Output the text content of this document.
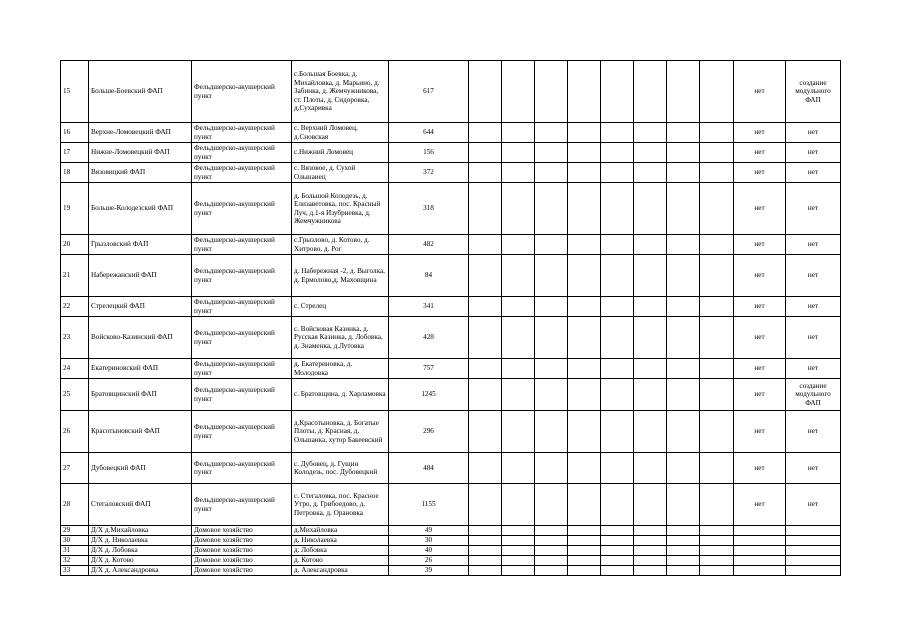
15	Больше-Боевский ФАП	Фельдшерско-акушерский пункт	с.Большая Боевка, д. Михайловка, д. Марьино, д. Забинка, д. Жемчужникова, ст. Плоты, д. Сидоровка, д.Сухаривка	617									нет	создание модульного ФАП
16	Верхне-Ломовецкий ФАП	Фельдшерско-акушерский пункт	с. Верхний Ломовец, д.Сновская	644									нет	нет
17	Нижне-Ломовецкий ФАП	Фельдшерско-акушерский пункт	с.Нижний Ломовец	156									нет	нет
18	Вязовицкий ФАП	Фельдшерско-акушерский пункт	с. Вязовое, д. Сухой Ольшанец	372									нет	нет
19	Больше-Колодезский ФАП	Фельдшерско-акушерский пункт	д. Большой Колодезь, д. Елизаветовка, пос. Красный Луч, д.1-я Изубриевка, д. Жемчужникова	318									нет	нет
20	Грызловский ФАП	Фельдшерско-акушерский пункт	с.Грызлово, д. Котово, д. Хитрово, д. Рог	482									нет	нет
21	Набережанский ФАП	Фельдшерско-акушерский пункт	д. Набережная -2, д. Выголка, д. Ермолово,д. Маховщина	84									нет	нет
22	Стрелецкий ФАП	Фельдшерско-акушерский пункт	с. Стрелец	341									нет	нет
23	Войсково-Казинский ФАП	Фельдшерско-акушерский пункт	с. Войсковая Казинка, д. Русская Казинка, д. Лобовка, д. Знаменка, д.Лутовка	428									нет	нет
24	Екатериновский ФАП	Фельдшерско-акушерский пункт	д. Екатериновка, д. Молодовка	757									нет	нет
25	Братовщинский ФАП	Фельдшерско-акушерский пункт	с. Братовщина, д. Харламовка	1245									нет	создание модульного ФАП
26	Красотыновский ФАП	Фельдшерско-акушерский пункт	д.Красотыновка, д. Богатые Плоты, д. Красная, д. Ольшанка, хутор Бакеевский	296									нет	нет
27	Дубовецкий ФАП	Фельдшерско-акушерский пункт	с. Дубовец, д. Гущин Колодезь, пос. Дубовецкий	484									нет	нет
28	Стегаловский ФАП	Фельдшерско-акушерский пункт	с. Стегаловка, пос. Красное Утро, д. Грибоедово, д. Петровка, д. Орановка	1155									нет	нет
29	Д/Х д.Михайловка	Домовое хозяйство	д.Михайловка	49										
30	Д/Х д. Николаевка	Домовое хозяйство	д. Николаевка	30										
31	Д/Х д. Лобовка	Домовое хозяйство	д. Лобовка	40										
32	Д/Х д. Котово	Домовое хозяйство	д. Котово	26										
33	Д/Х д. Александровка	Домовое хозяйство	д. Александровка	39										
